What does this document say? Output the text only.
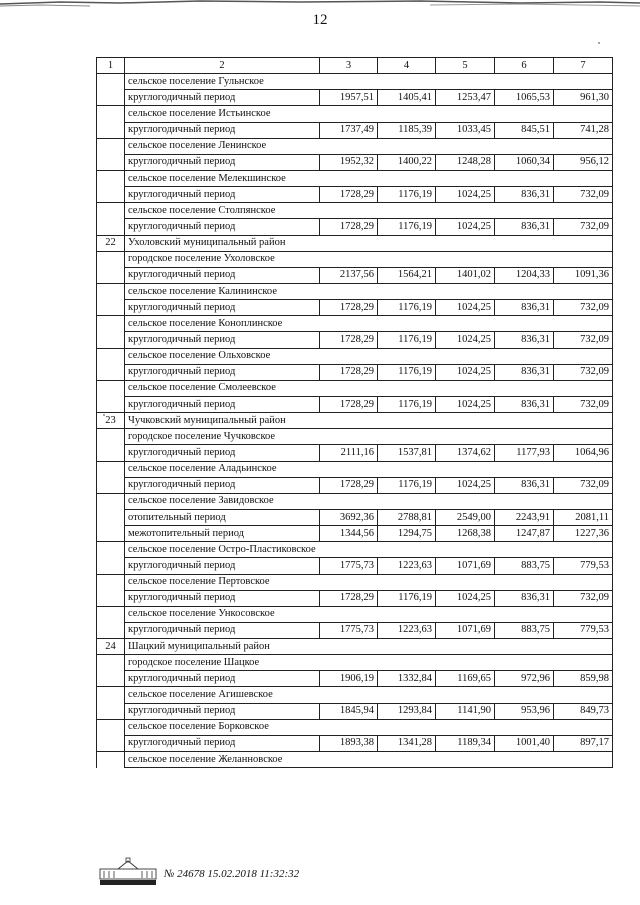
12
1	2	3	4	5	6	7
	сельское поселение Гульнское					
	круглогодичный период	1957,51	1405,41	1253,47	1065,53	961,30
	сельское поселение Истьинское					
	круглогодичный период	1737,49	1185,39	1033,45	845,51	741,28
	сельское поселение Ленинское					
	круглогодичный период	1952,32	1400,22	1248,28	1060,34	956,12
	сельское поселение Мелекшинское					
	круглогодичный период	1728,29	1176,19	1024,25	836,31	732,09
	сельское поселение Столпянское					
	круглогодичный период	1728,29	1176,19	1024,25	836,31	732,09
22	Ухоловский муниципальный район					
	городское поселение Ухоловское					
	круглогодичный период	2137,56	1564,21	1401,02	1204,33	1091,36
	сельское поселение Калининское					
	круглогодичный период	1728,29	1176,19	1024,25	836,31	732,09
	сельское поселение Коноплинское					
	круглогодичный период	1728,29	1176,19	1024,25	836,31	732,09
	сельское поселение Ольховское					
	круглогодичный период	1728,29	1176,19	1024,25	836,31	732,09
	сельское поселение Смолеевское					
	круглогодичный период	1728,29	1176,19	1024,25	836,31	732,09
23	Чучковский муниципальный район					
	городское поселение Чучковское					
	круглогодичный период	2111,16	1537,81	1374,62	1177,93	1064,96
	сельское поселение Аладьинское					
	круглогодичный период	1728,29	1176,19	1024,25	836,31	732,09
	сельское поселение Завидовское					
	отопительный период	3692,36	2788,81	2549,00	2243,91	2081,11
	межотопительный период	1344,56	1294,75	1268,38	1247,87	1227,36
	сельское поселение Остро-Пластиковское					
	круглогодичный период	1775,73	1223,63	1071,69	883,75	779,53
	сельское поселение Пертовское					
	круглогодичный период	1728,29	1176,19	1024,25	836,31	732,09
	сельское поселение Ункосовское					
	круглогодичный период	1775,73	1223,63	1071,69	883,75	779,53
24	Шацкий муниципальный район					
	городское поселение Шацкое					
	круглогодичный период	1906,19	1332,84	1169,65	972,96	859,98
	сельское поселение Агишевское					
	круглогодичный период	1845,94	1293,84	1141,90	953,96	849,73
	сельское поселение Борковское					
	круглогодичный период	1893,38	1341,28	1189,34	1001,40	897,17
	сельское поселение Желанновское					
№ 24678 15.02.2018 11:32:32
